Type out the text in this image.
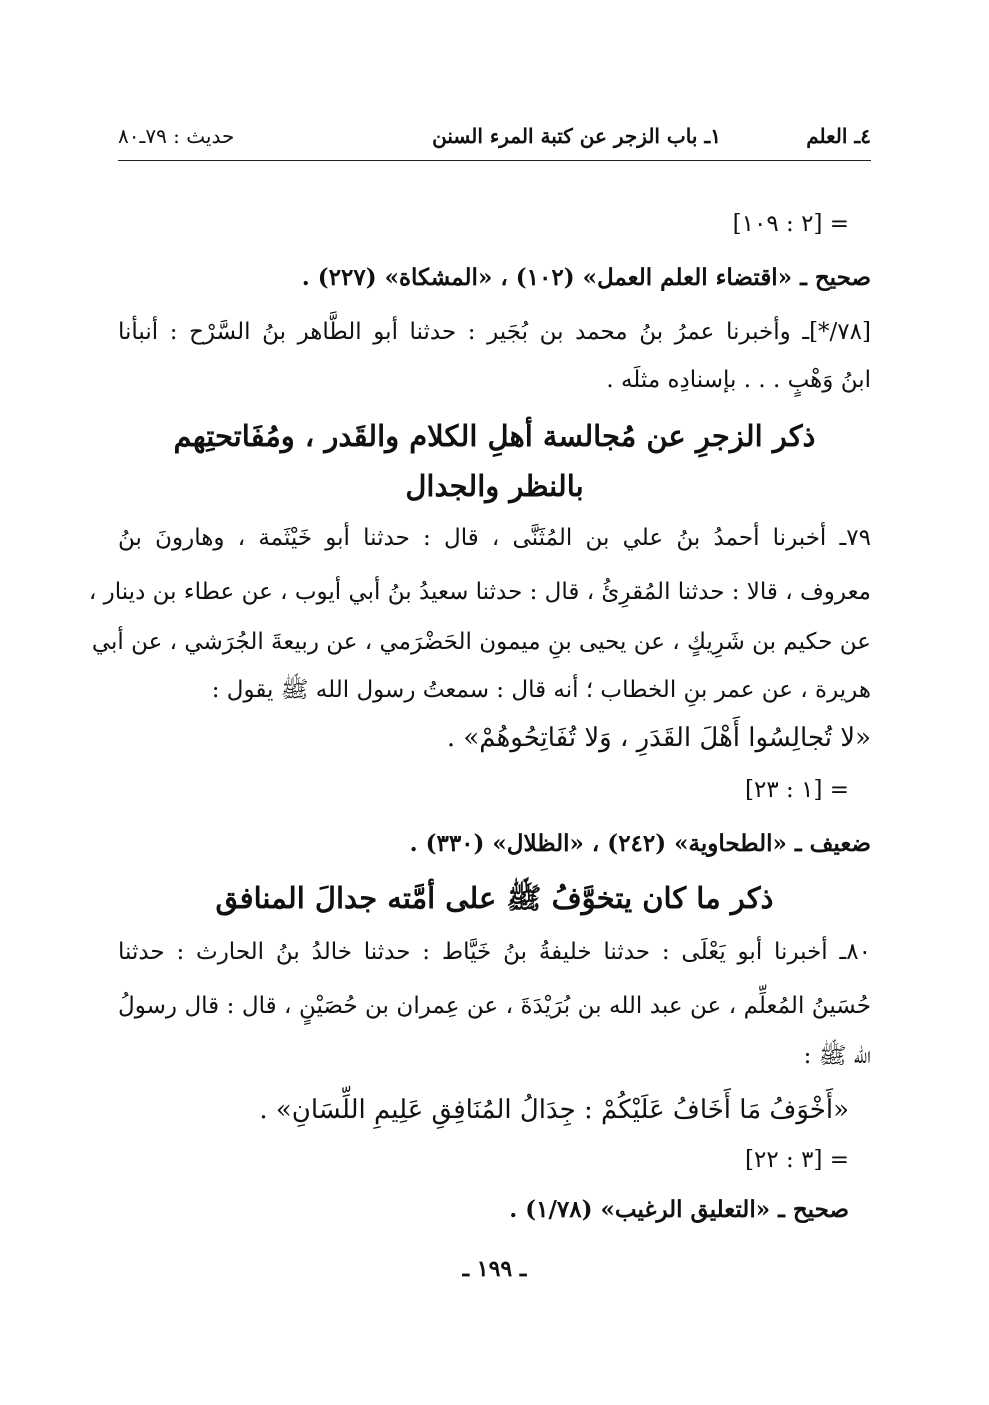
٤ـ العلم
١ـ باب الزجر عن كتبة المرء السنن
حديث : ٧٩ـ٨٠
= [٢ : ١٠٩]
صحيح ـ «اقتضاء العلم العمل» (١٠٢) ، «المشكاة» (٢٢٧) .
[٧٨/*]ـ وأخبرنا عمرُ بنُ محمد بن بُجَير : حدثنا أبو الطَّاهر بنُ السَّرْح : أنبأنا
ابنُ وَهْبٍ . . . بإسنادِه مثلَه .
ذكر الزجرِ عن مُجالسة أهلِ الكلام والقَدر ، ومُفَاتحتِهم
بالنظر والجدال
٧٩ـ أخبرنا أحمدُ بنُ علي بن المُثَنَّى ، قال : حدثنا أبو خَيْثَمة ، وهارونَ بنُ
معروف ، قالا : حدثنا المُقرِئُ ، قال : حدثنا سعيدُ بنُ أبي أيوب ، عن عطاء بن دينار ،
عن حكيم بن شَرِيكٍ ، عن يحيى بنِ ميمون الحَضْرَمي ، عن ربيعةَ الجُرَشي ، عن أبي
هريرة ، عن عمر بنِ الخطاب ؛ أنه قال : سمعتُ رسول الله ﷺ يقول :
«لا تُجالِسُوا أَهْلَ القَدَرِ ، وَلا تُفَاتِحُوهُمْ» .
= [١ : ٢٣]
ضعيف ـ «الطحاوية» (٢٤٢) ، «الظلال» (٣٣٠) .
ذكر ما كان يتخوَّفُ ﷺ على أمَّته جدالَ المنافق
٨٠ـ أخبرنا أبو يَعْلَى : حدثنا خليفةُ بنُ خَيَّاط : حدثنا خالدُ بنُ الحارث : حدثنا
حُسَينُ المُعلِّم ، عن عبد الله بن بُرَيْدَةَ ، عن عِمران بن حُصَيْنٍ ، قال : قال رسولُ
الله ﷺ :
«أَخْوَفُ مَا أَخَافُ عَلَيْكُمْ : جِدَالُ المُنَافِقِ عَلِيمِ اللِّسَانِ» .
= [٣ : ٢٢]
صحيح ـ «التعليق الرغيب» (١/٧٨) .
ـ ١٩٩ ـ
